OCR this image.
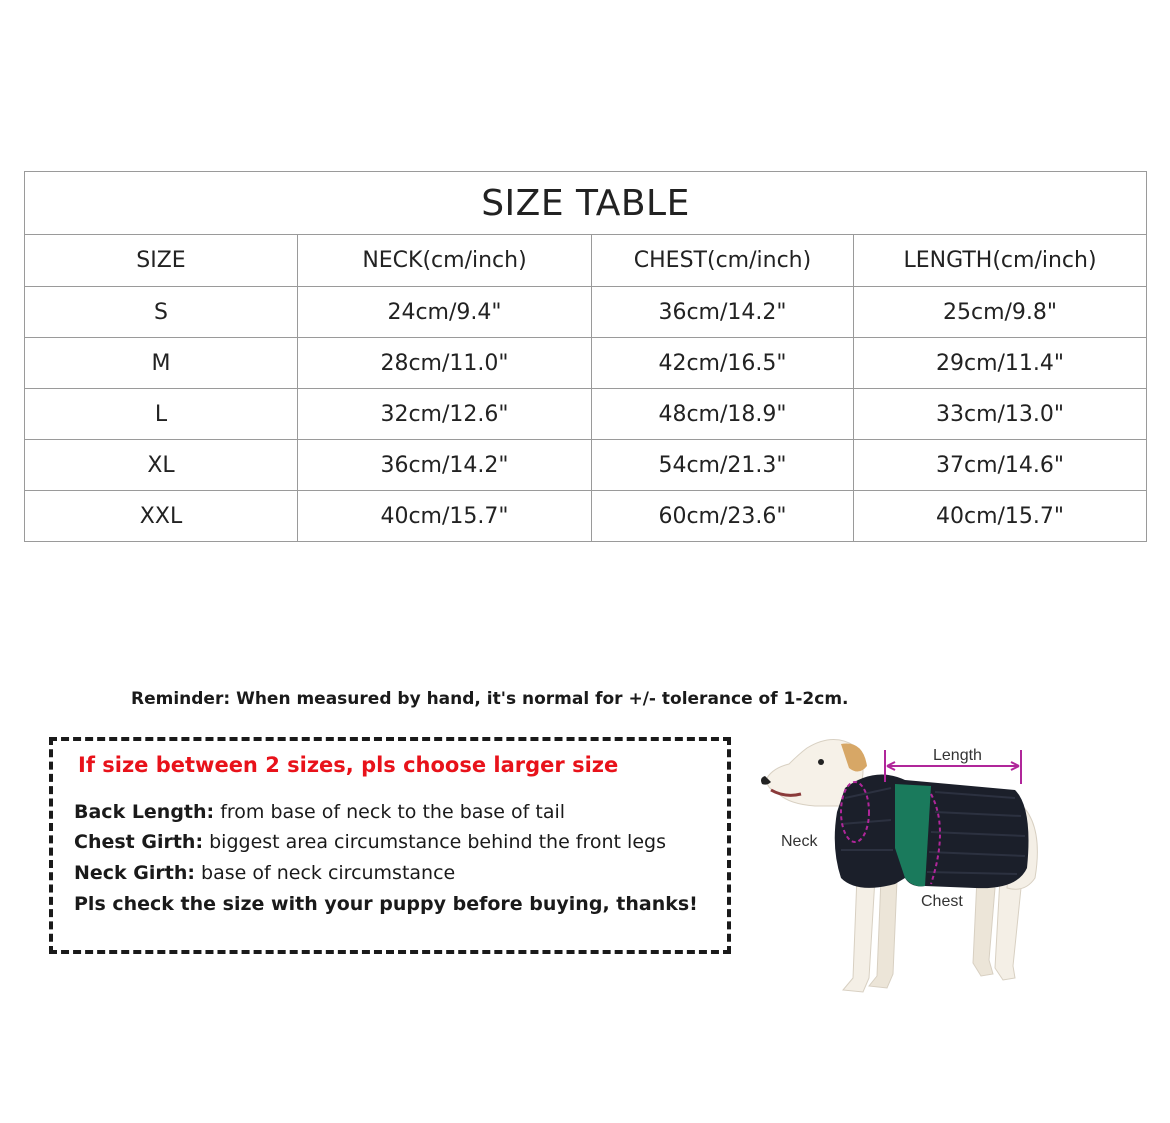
SIZE TABLE			
SIZE	NECK(cm/inch)	CHEST(cm/inch)	LENGTH(cm/inch)
S	24cm/9.4"	36cm/14.2"	25cm/9.8"
M	28cm/11.0"	42cm/16.5"	29cm/11.4"
L	32cm/12.6"	48cm/18.9"	33cm/13.0"
XL	36cm/14.2"	54cm/21.3"	37cm/14.6"
XXL	40cm/15.7"	60cm/23.6"	40cm/15.7"
Reminder: When measured by hand, it's normal for +/- tolerance of 1-2cm.
If size between 2 sizes, pls choose larger size
Back Length: from base of neck to the base of tail
Chest Girth: biggest area circumstance behind the front legs
Neck Girth: base of neck circumstance
Pls check the size with your puppy before buying, thanks!
Length
Neck
Chest
